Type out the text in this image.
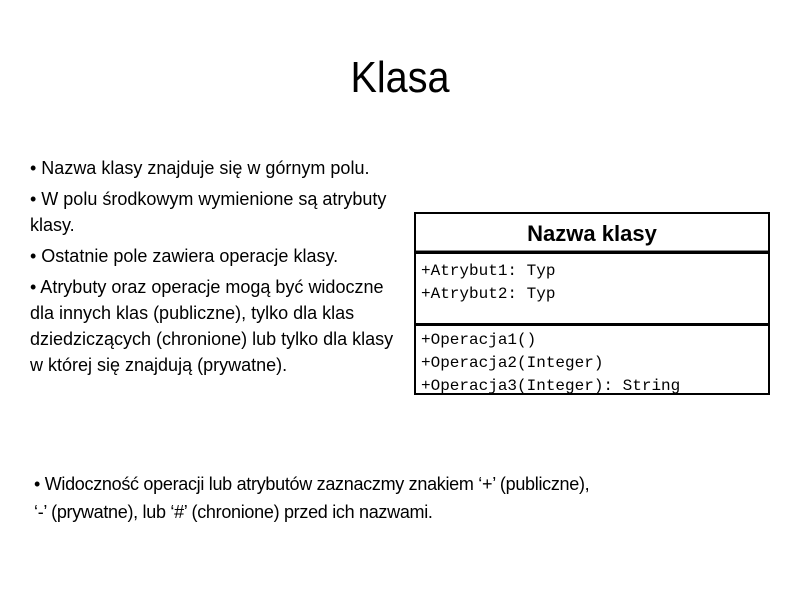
Klasa
• Nazwa klasy znajduje się w górnym polu.
• W polu środkowym wymienione są atrybuty klasy.
• Ostatnie pole zawiera operacje klasy.
• Atrybuty oraz operacje mogą być widoczne dla innych klas (publiczne), tylko dla klas dziedziczących (chronione) lub tylko dla klasy w której się znajdują (prywatne).
• Widoczność operacji lub atrybutów zaznaczmy znakiem ‘+’ (publiczne),
‘-’ (prywatne), lub ‘#’ (chronione) przed ich nazwami.
Nazwa klasy
+Atrybut1: Typ
+Atrybut2: Typ
+Operacja1()
+Operacja2(Integer)
+Operacja3(Integer): String
